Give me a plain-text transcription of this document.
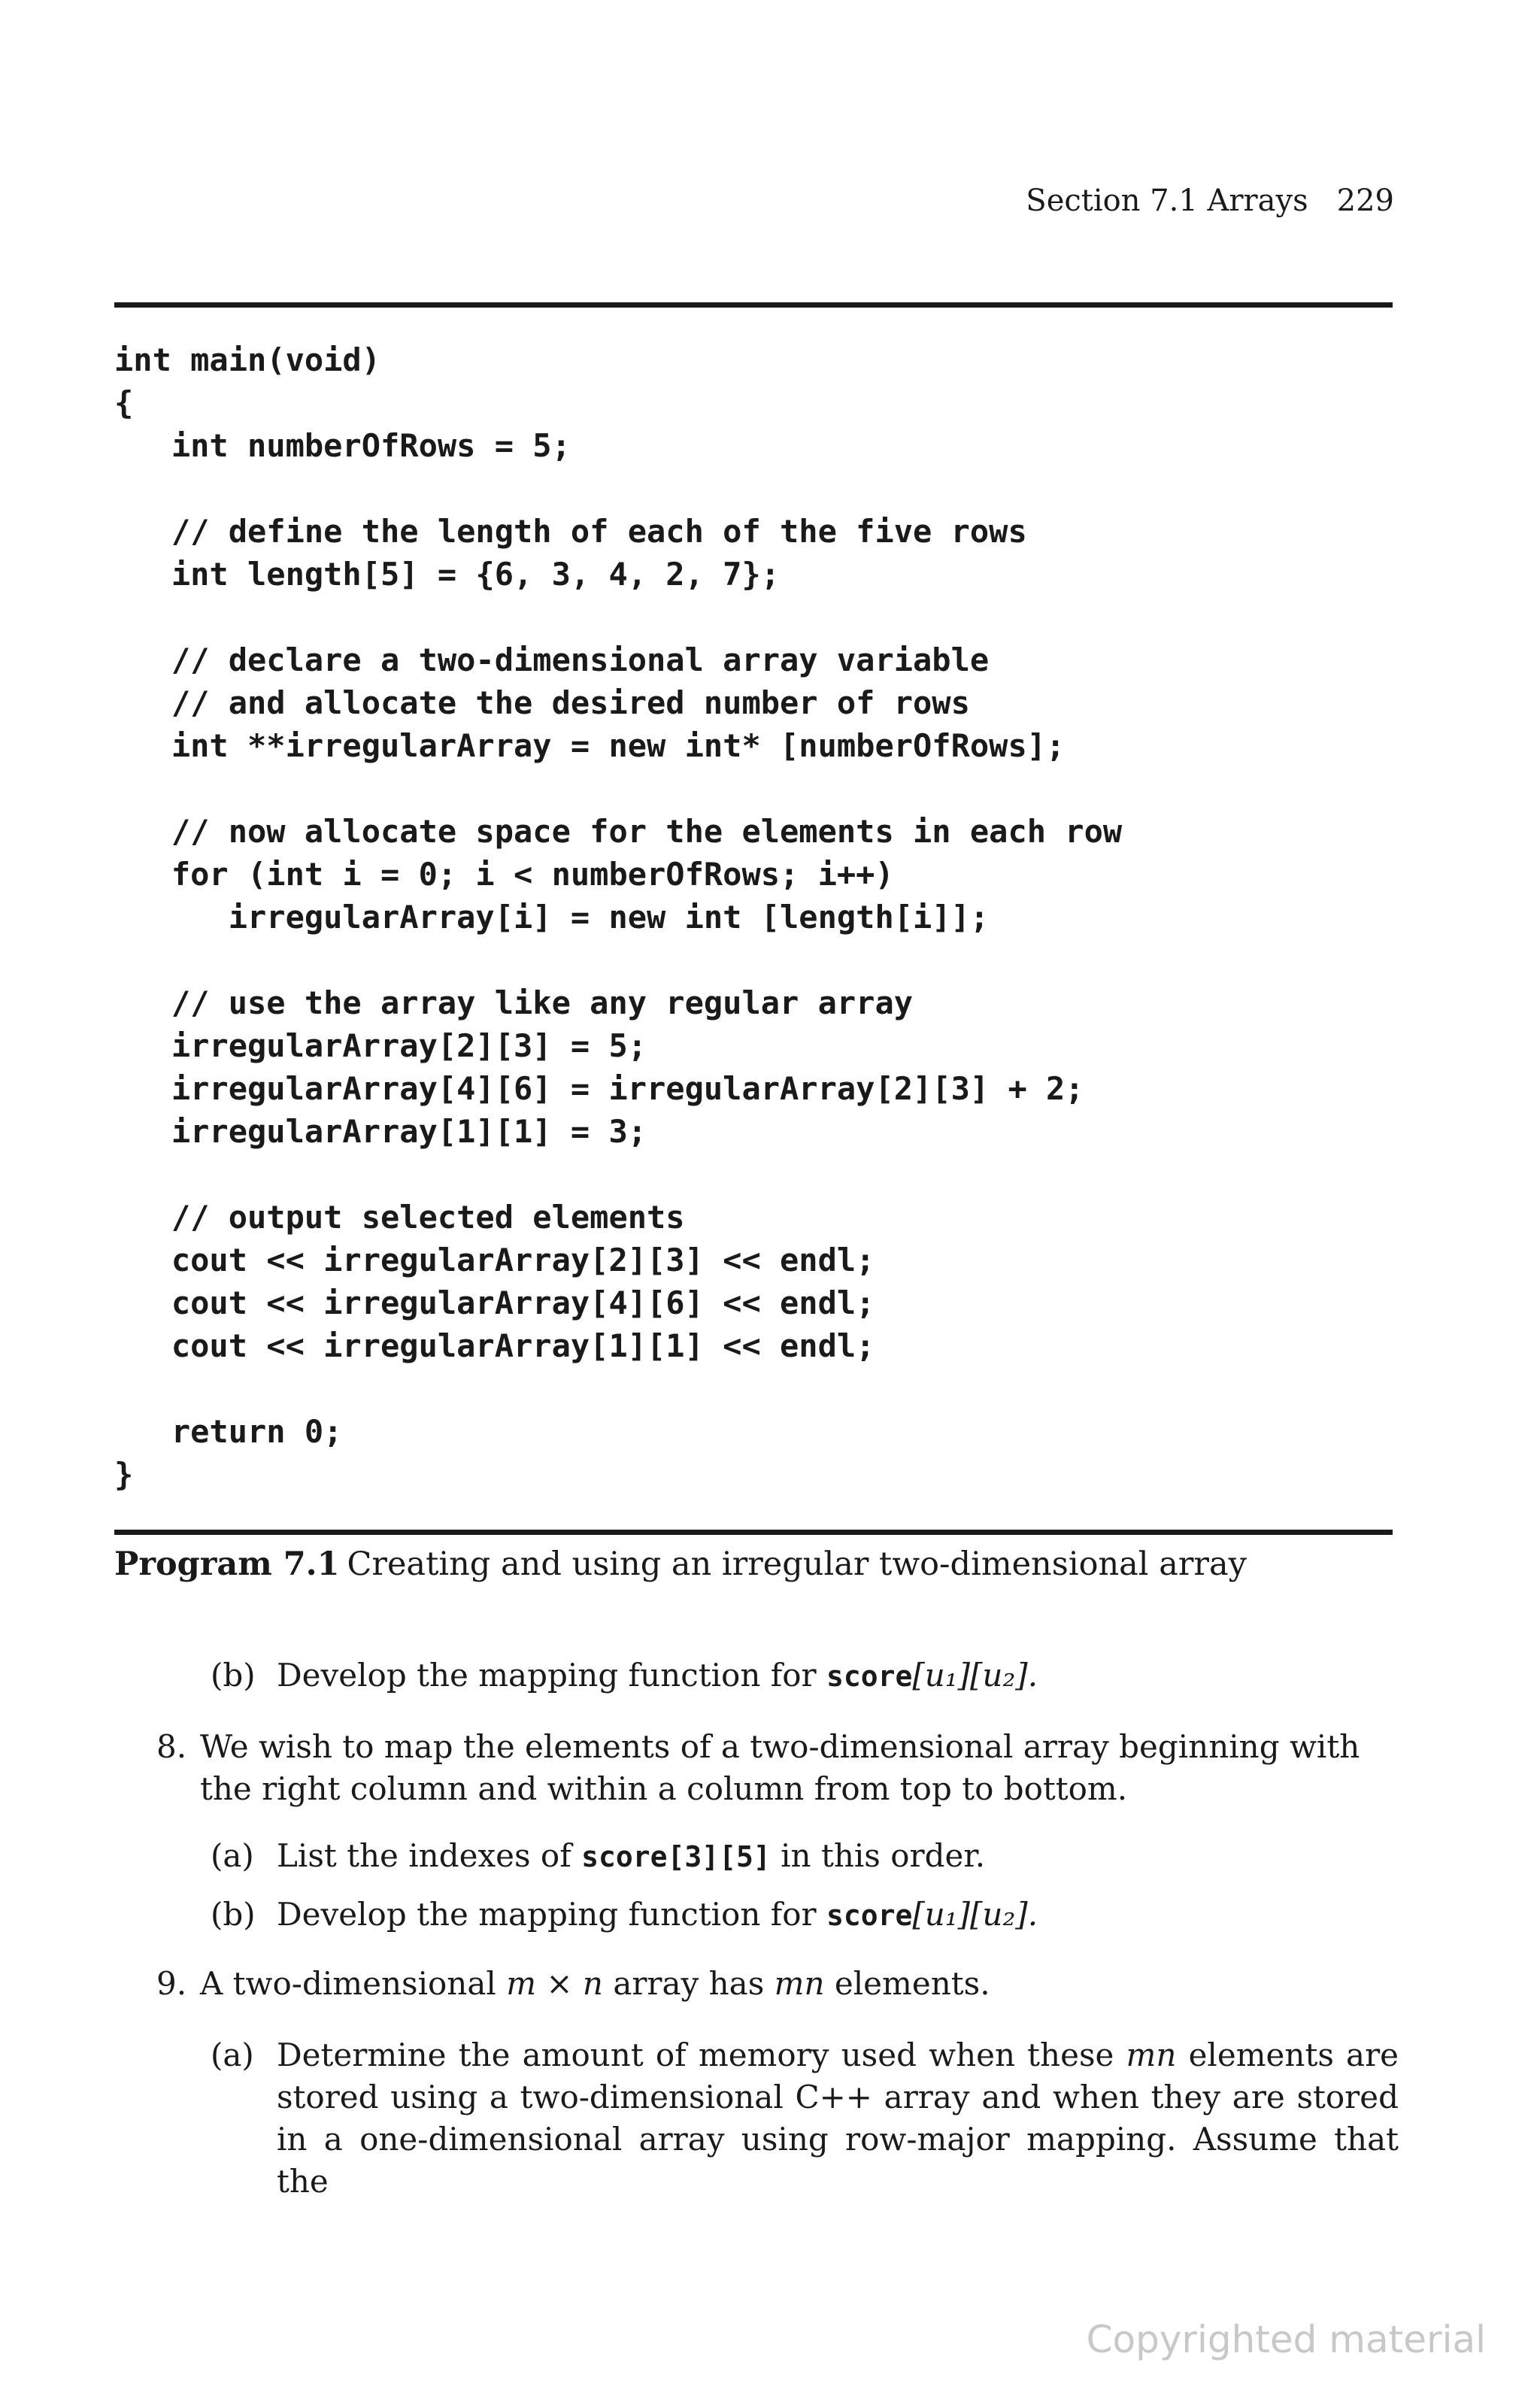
Section 7.1 Arrays 229
int main(void)
{
int numberOfRows = 5;

// define the length of each of the five rows
int length[5] = {6, 3, 4, 2, 7};

// declare a two-dimensional array variable
// and allocate the desired number of rows
int **irregularArray = new int* [numberOfRows];

// now allocate space for the elements in each row
for (int i = 0; i < numberOfRows; i++)
irregularArray[i] = new int [length[i]];

// use the array like any regular array
irregularArray[2][3] = 5;
irregularArray[4][6] = irregularArray[2][3] + 2;
irregularArray[1][1] = 3;

// output selected elements
cout << irregularArray[2][3] << endl;
cout << irregularArray[4][6] << endl;
cout << irregularArray[1][1] << endl;

return 0;
}
Program 7.1 Creating and using an irregular two-dimensional array
(b) Develop the mapping function for score[u₁][u₂].
8. We wish to map the elements of a two-dimensional array beginning with the right column and within a column from top to bottom.
(a) List the indexes of score[3][5] in this order.
(b) Develop the mapping function for score[u₁][u₂].
9. A two-dimensional m × n array has mn elements.
(a) Determine the amount of memory used when these mn elements are stored using a two-dimensional C++ array and when they are stored in a one-dimensional array using row-major mapping. Assume that the
Copyrighted material
